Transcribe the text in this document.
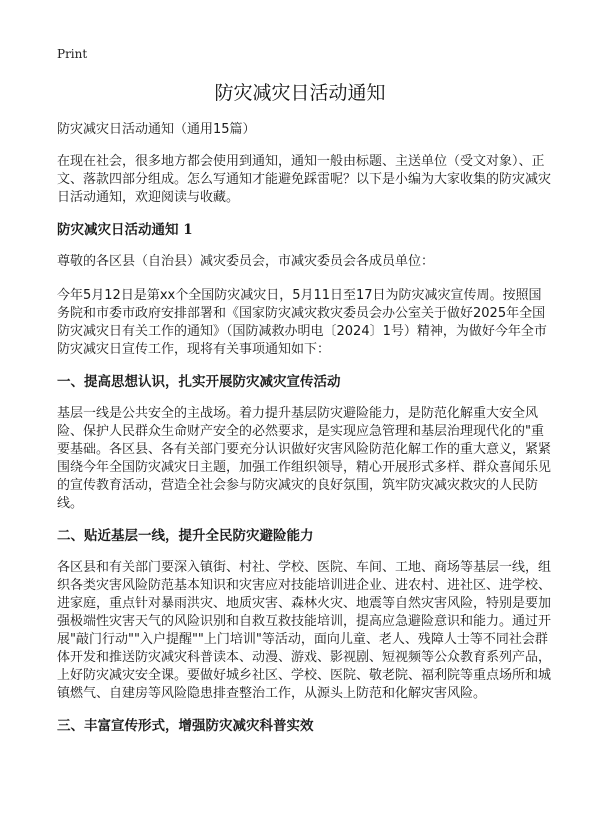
Print
防灾减灾日活动通知

防灾减灾日活动通知（通用15篇）

在现在社会，很多地方都会使用到通知，通知一般由标题、主送单位（受文对象）、正文、落款四部分组成。怎么写通知才能避免踩雷呢？以下是小编为大家收集的防灾减灾日活动通知，欢迎阅读与收藏。

防灾减灾日活动通知 1

尊敬的各区县（自治县）减灾委员会，市减灾委员会各成员单位：

今年5月12日是第xx个全国防灾减灾日，5月11日至17日为防灾减灾宣传周。按照国务院和市委市政府安排部署和《国家防灾减灾救灾委员会办公室关于做好2025年全国防灾减灾日有关工作的通知》（国防减救办明电〔2024〕1号）精神，为做好今年全市防灾减灾日宣传工作，现将有关事项通知如下：

一、提高思想认识，扎实开展防灾减灾宣传活动

基层一线是公共安全的主战场。着力提升基层防灾避险能力，是防范化解重大安全风险、保护人民群众生命财产安全的必然要求，是实现应急管理和基层治理现代化的"重要基础。各区县、各有关部门要充分认识做好灾害风险防范化解工作的重大意义，紧紧围绕今年全国防灾减灾日主题，加强工作组织领导，精心开展形式多样、群众喜闻乐见的宣传教育活动，营造全社会参与防灾减灾的良好氛围，筑牢防灾减灾救灾的人民防线。

二、贴近基层一线，提升全民防灾避险能力

各区县和有关部门要深入镇街、村社、学校、医院、车间、工地、商场等基层一线，组织各类灾害风险防范基本知识和灾害应对技能培训进企业、进农村、进社区、进学校、进家庭，重点针对暴雨洪灾、地质灾害、森林火灾、地震等自然灾害风险，特别是要加强极端性灾害天气的风险识别和自救互救技能培训，提高应急避险意识和能力。通过开展"敲门行动""入户提醒""上门培训"等活动，面向儿童、老人、残障人士等不同社会群体开发和推送防灾减灾科普读本、动漫、游戏、影视剧、短视频等公众教育系列产品，上好防灾减灾安全课。要做好城乡社区、学校、医院、敬老院、福利院等重点场所和城镇燃气、自建房等风险隐患排查整治工作，从源头上防范和化解灾害风险。

三、丰富宣传形式，增强防灾减灾科普实效
